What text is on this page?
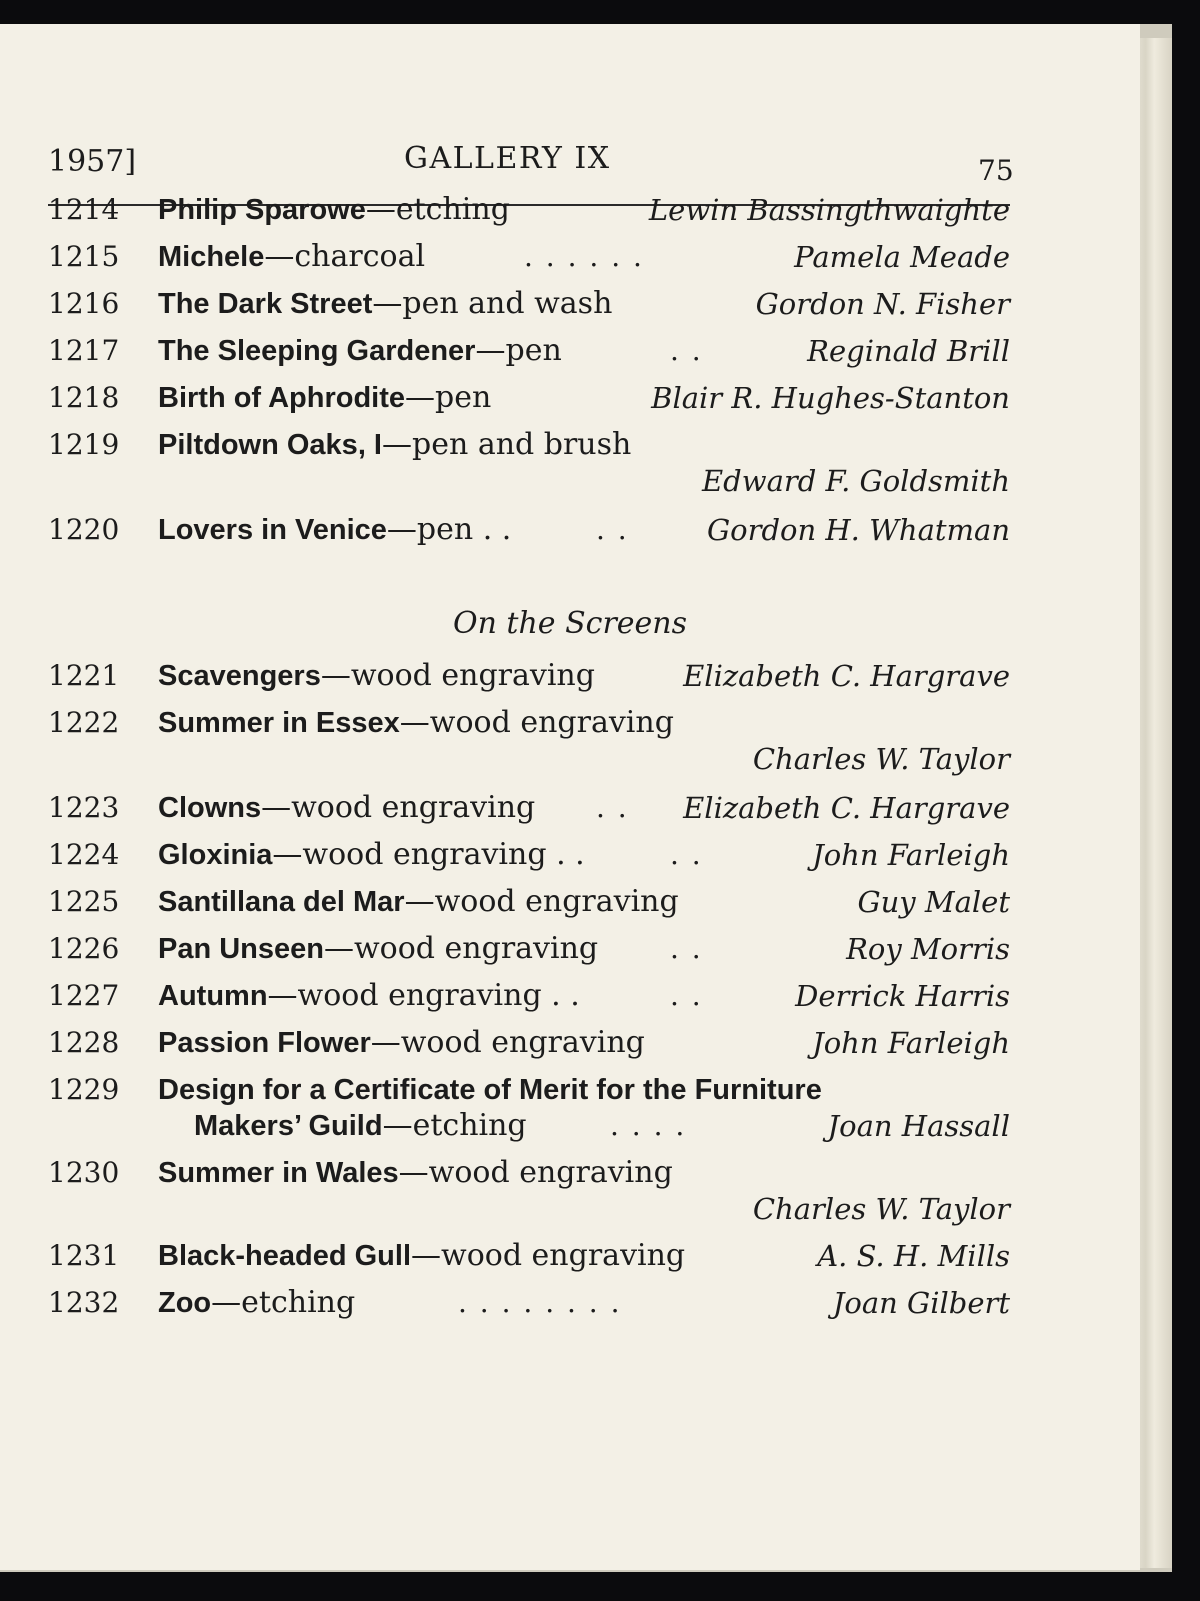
1957]	GALLERY IX	75
1214 Philip Sparowe—etching	Lewin Bassingthwaighte
1215 Michele—charcoal	. . . . . .	Pamela Meade
1216 The Dark Street—pen and wash	Gordon N. Fisher
1217 The Sleeping Gardener—pen	. .	Reginald Brill
1218 Birth of Aphrodite—pen	Blair R. Hughes-Stanton
1219 Piltdown Oaks, I—pen and brush
Edward F. Goldsmith
1220 Lovers in Venice—pen . .	. .	Gordon H. Whatman
On the Screens
1221 Scavengers—wood engraving	Elizabeth C. Hargrave
1222 Summer in Essex—wood engraving
Charles W. Taylor
1223 Clowns—wood engraving . . Elizabeth C. Hargrave
1224 Gloxinia—wood engraving . .	. .	John Farleigh
1225 Santillana del Mar—wood engraving	Guy Malet
1226 Pan Unseen—wood engraving	. .	Roy Morris
1227 Autumn—wood engraving . .	. .	Derrick Harris
1228 Passion Flower—wood engraving	John Farleigh
1229 Design for a Certificate of Merit for the Furniture
Makers’ Guild—etching	. . . .	Joan Hassall
1230 Summer in Wales—wood engraving
Charles W. Taylor
1231 Black-headed Gull—wood engraving	A. S. H. Mills
1232 Zoo—etching	. . . . . . . .	Joan Gilbert
